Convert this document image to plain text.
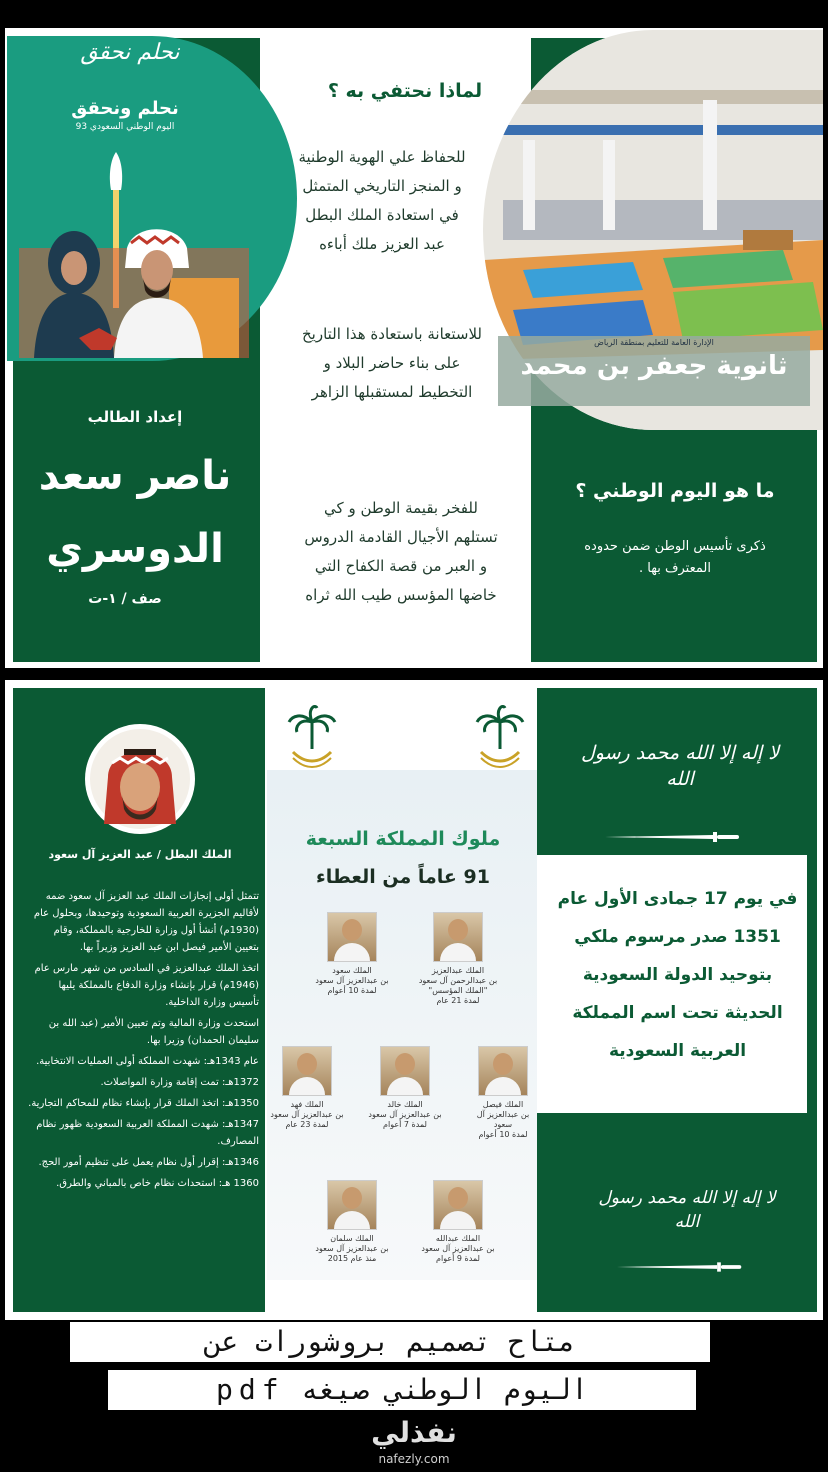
نحلم نحقق
نحلم ونحقق
اليوم الوطني السعودي 93
إعداد الطالب
ناصر سعد
الدوسري
صف / ١-ت
لماذا نحتفي به ؟
للحفاظ علي الهوية الوطنية و المنجز التاريخي المتمثل في استعادة الملك البطل عبد العزيز ملك أباءه
للاستعانة باستعادة هذا التاريخ على بناء حاضر البلاد و التخطيط لمستقبلها الزاهر
للفخر بقيمة الوطن و كي تستلهم الأجيال القادمة الدروس و العبر من قصة الكفاح التي خاضها المؤسس طيب الله ثراه
الإدارة العامة للتعليم بمنطقة الرياض
ثانوية جعفر بن محمد
ما هو اليوم الوطني ؟
ذكرى تأسيس الوطن ضمن حدوده المعترف بها .
الملك البطل / عبد العزيز آل سعود
• تتمثل أولى إنجازات الملك عبد العزيز آل سعود ضمه لأقاليم الجزيرة العربية السعودية وتوحيدها، وبحلول عام (1930م) أنشأ أول وزارة للخارجية بالمملكة، وقام بتعيين الأمير فيصل ابن عبد العزيز وزيراً بها.
• اتخذ الملك عبدالعزيز في السادس من شهر مارس عام (1946م) قرار بإنشاء وزارة الدفاع بالمملكة يليها تأسيس وزارة الداخلية.
• استحدث وزارة المالية وتم تعيين الأمير (عبد الله بن سليمان الحمدان) وزيرا بها.
• عام 1343هـ: شهدت المملكة أولى العمليات الانتخابية.
• 1372هـ: تمت إقامة وزارة المواصلات.
• 1350هـ: اتخذ الملك قرار بإنشاء نظام للمحاكم التجارية.
• 1347هـ: شهدت المملكة العربية السعودية ظهور نظام المصارف.
• 1346هـ: إقرار أول نظام يعمل على تنظيم أمور الحج.
• 1360 هـ: استحداث نظام خاص بالمباني والطرق.
ملوك المملكة السبعة
91 عاماً من العطاء
الملك عبدالعزيز
بن عبدالرحمن آل سعود "الملك المؤسس"
لمدة 21 عام
الملك سعود
بن عبدالعزيز آل سعود
لمدة 10 أعوام
الملك فيصل
بن عبدالعزيز آل سعود
لمدة 10 أعوام
الملك خالد
بن عبدالعزيز آل سعود
لمدة 7 أعوام
الملك فهد
بن عبدالعزيز آل سعود
لمدة 23 عام
الملك عبدالله
بن عبدالعزيز آل سعود
لمدة 9 أعوام
الملك سلمان
بن عبدالعزيز آل سعود
منذ عام 2015
لا إله إلا الله محمد رسول الله
في يوم 17 جمادى الأول عام 1351 صدر مرسوم ملكي بتوحيد الدولة السعودية الحديثة تحت اسم المملكة العربية السعودية
لا إله إلا الله محمد رسول الله
متاح تصميم بروشورات عن
اليوم الوطني صيغه pdf
نفذلي
nafezly.com
